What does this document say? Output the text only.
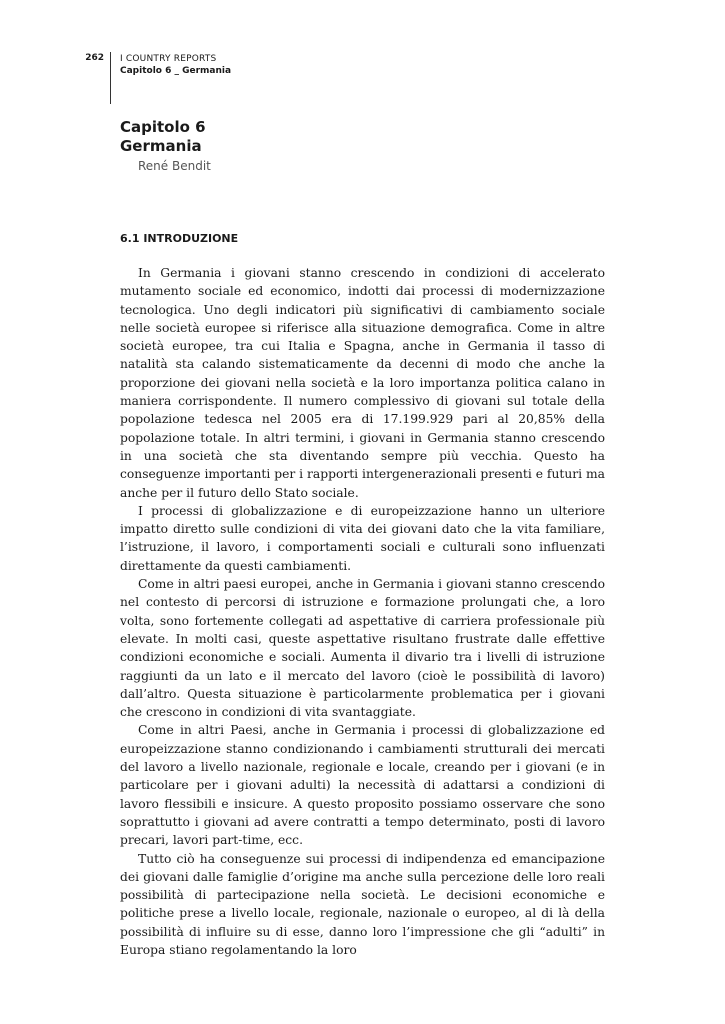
262 I COUNTRY REPORTS
Capitolo 6 _ Germania
Capitolo 6
Germania
René Bendit
6.1 INTRODUZIONE

In Germania i giovani stanno crescendo in condizioni di accelerato mutamento sociale ed economico, indotti dai processi di modernizzazione tecnologica. Uno degli indicatori più significativi di cambiamento sociale nelle società europee si riferisce alla situazione demografica. Come in altre società europee, tra cui Italia e Spagna, anche in Germania il tasso di natalità sta calando sistematicamente da decenni di modo che anche la proporzione dei giovani nella società e la loro importanza politica calano in maniera corrispondente. Il numero complessivo di giovani sul totale della popolazione tedesca nel 2005 era di 17.199.929 pari al 20,85% della popolazione totale. In altri termini, i giovani in Germania stanno crescendo in una società che sta diventando sempre più vecchia. Questo ha conseguenze importanti per i rapporti intergenerazionali presenti e futuri ma anche per il futuro dello Stato sociale.

I processi di globalizzazione e di europeizzazione hanno un ulteriore impatto diretto sulle condizioni di vita dei giovani dato che la vita familiare, l’istruzione, il lavoro, i comportamenti sociali e culturali sono influenzati direttamente da questi cambiamenti.

Come in altri paesi europei, anche in Germania i giovani stanno crescendo nel contesto di percorsi di istruzione e formazione prolungati che, a loro volta, sono fortemente collegati ad aspettative di carriera professionale più elevate. In molti casi, queste aspettative risultano frustrate dalle effettive condizioni economiche e sociali. Aumenta il divario tra i livelli di istruzione raggiunti da un lato e il mercato del lavoro (cioè le possibilità di lavoro) dall’altro. Questa situazione è particolarmente problematica per i giovani che crescono in condizioni di vita svantaggiate.

Come in altri Paesi, anche in Germania i processi di globalizzazione ed europeizzazione stanno condizionando i cambiamenti strutturali dei mercati del lavoro a livello nazionale, regionale e locale, creando per i giovani (e in particolare per i giovani adulti) la necessità di adattarsi a condizioni di lavoro flessibili e insicure. A questo proposito possiamo osservare che sono soprattutto i giovani ad avere contratti a tempo determinato, posti di lavoro precari, lavori part-time, ecc.

Tutto ciò ha conseguenze sui processi di indipendenza ed emancipazione dei giovani dalle famiglie d’origine ma anche sulla percezione delle loro reali possibilità di partecipazione nella società. Le decisioni economiche e politiche prese a livello locale, regionale, nazionale o europeo, al di là della possibilità di influire su di esse, danno loro l’impressione che gli “adulti” in Europa stiano regolamentando la loro
